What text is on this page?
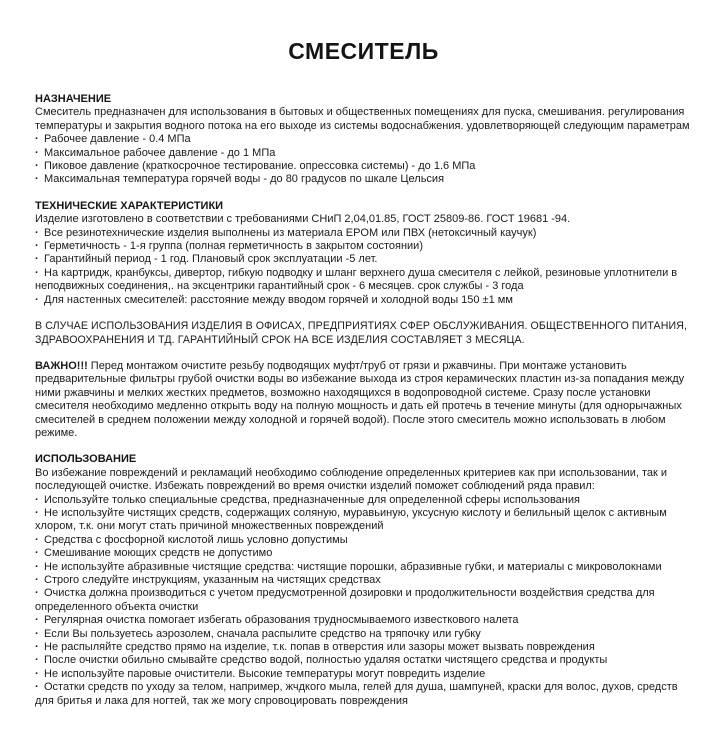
СМЕСИТЕЛЬ
НАЗНАЧЕНИЕ

Смеситель предназначен для использования в бытовых и общественных помещениях для пуска, смешивания. регулирования температуры и закрытия водного потока на его выходе из системы водоснабжения. удовлетворяющей следующим параметрам

· Рабочее давление - 0.4 МПа

· Максимальное рабочее давление - до 1 МПа

· Пиковое давление (краткосрочное тестирование. опрессовка системы) - до 1.6 МПа

· Максимальная температура горячей воды - до 80 градусов по шкале Цельсия

ТЕХНИЧЕСКИЕ ХАРАКТЕРИСТИКИ

Изделие изготовлено в соответствии с требованиями СНиП 2,04,01.85, ГОСТ 25809-86. ГОСТ 19681 -94.

· Все резинотехнические изделия выполнены из материала EPOM или ПВХ (нетоксичный каучук)

· Герметичность - 1-я группа (полная герметичность в закрытом состоянии)

· Гарантийный период - 1 год. Плановый срок эксплуатации -5 лет.

· На картридж, кранбуксы, дивертор, гибкую подводку и шланг верхнего душа смесителя с лейкой, резиновые уплотнители в неподвижных соединения,. на эксцентрики гарантийный срок - 6 месяцев. срок службы - 3 года

· Для настенных смесителей: расстояние между вводом горячей и холодной воды 150 ±1 мм

В СЛУЧАЕ ИСПОЛЬЗОВАНИЯ ИЗДЕЛИЯ В ОФИСАХ, ПРЕДПРИЯТИЯХ СФЕР ОБСЛУЖИВАНИЯ. ОБЩЕСТВЕННОГО ПИТАНИЯ, ЗДРАВООХРАНЕНИЯ И ТД. ГАРАНТИЙНЫЙ СРОК НА ВСЕ ИЗДЕЛИЯ СОСТАВЛЯЕТ 3 МЕСЯЦА.

ВАЖНО!!! Перед монтажом очистите резьбу подводящих муфт/труб от грязи и ржавчины. При монтаже установить предварительные фильтры грубой очистки воды во избежание выхода из строя керамических пластин из-за попадания между ними ржавчины и мелких жестких предметов, возможно находящихся в водопроводной системе. Сразу после установки смесителя необходимо медленно открыть воду на полную мощность и дать ей протечь в течение минуты (для однорычажных смесителей в среднем положении между холодной и горячей водой). После этого смеситель можно использовать в любом режиме.

ИСПОЛЬЗОВАНИЕ

Во избежание повреждений и рекламаций необходимо соблюдение определенных критериев как при использовании, так и последующей очистке. Избежать повреждений во время очистки изделий поможет соблюдений ряда правил:

· Используйте только специальные средства, предназначенные для определенной сферы использования

· Не используйте чистящих средств, содержащих соляную, муравьиную, уксусную кислоту и белильный щелок с активным хлором, т.к. они могут стать причиной множественных повреждений

· Средства с фосфорной кислотой лишь условно допустимы

· Смешивание моющих средств не допустимо

· Не используйте абразивные чистящие средства: чистящие порошки, абразивные губки, и материалы с микроволокнами

· Строго следуйте инструкциям, указанным на чистящих средствах

· Очистка должна производиться с учетом предусмотренной дозировки и продолжительности воздействия средства для определенного объекта очистки

· Регулярная очистка помогает избегать образования трудносмываемого известкового налета

· Если Вы пользуетесь аэрозолем, сначала распылите средство на тряпочку или губку

· Не распыляйте средство прямо на изделие, т.к. попав в отверстия или зазоры может вызвать повреждения

· После очистки обильно смывайте средство водой, полностью удаляя остатки чистящего средства и продукты

· Не используйте паровые очистители. Высокие температуры могут повредить изделие

· Остатки средств по уходу за телом, например, жчдкого мыла, гелей для душа, шампуней, краски для волос, духов, средств для бритья и лака для ногтей, так же могу спровоцировать повреждения
